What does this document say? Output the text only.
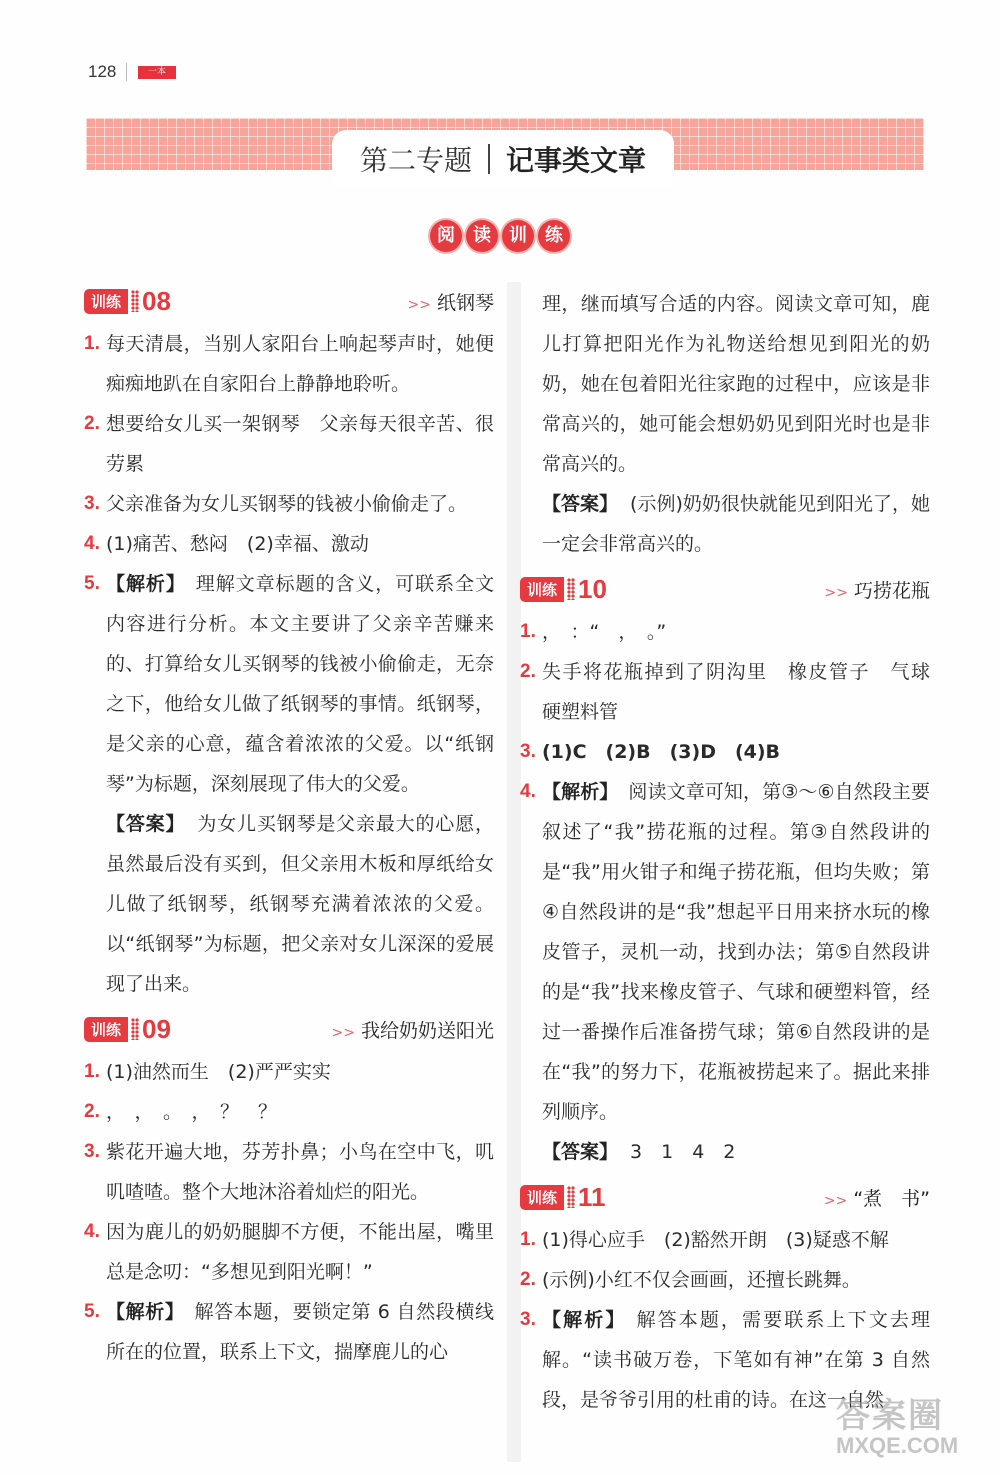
128	一本
第二专题 记事类文章
阅	读	训	练
训练 08	>> 纸钢琴
1. 每天清晨，当别人家阳台上响起琴声时，她便痴痴地趴在自家阳台上静静地聆听。
2. 想要给女儿买一架钢琴　父亲每天很辛苦、很劳累
3. 父亲准备为女儿买钢琴的钱被小偷偷走了。
4. (1)痛苦、愁闷　(2)幸福、激动
5. 【解析】 理解文章标题的含义，可联系全文内容进行分析。本文主要讲了父亲辛苦赚来的、打算给女儿买钢琴的钱被小偷偷走，无奈之下，他给女儿做了纸钢琴的事情。纸钢琴，是父亲的心意，蕴含着浓浓的父爱。以“纸钢琴”为标题，深刻展现了伟大的父爱。
【答案】 为女儿买钢琴是父亲最大的心愿，虽然最后没有买到，但父亲用木板和厚纸给女儿做了纸钢琴，纸钢琴充满着浓浓的父爱。以“纸钢琴”为标题，把父亲对女儿深深的爱展现了出来。
训练 09	>> 我给奶奶送阳光
1. (1)油然而生　(2)严严实实
2. ，　，　。　，　？　？
3. 紫花开遍大地，芬芳扑鼻；小鸟在空中飞，叽叽喳喳。整个大地沐浴着灿烂的阳光。
4. 因为鹿儿的奶奶腿脚不方便，不能出屋，嘴里总是念叨：“多想见到阳光啊！”
5. 【解析】 解答本题，要锁定第 6 自然段横线所在的位置，联系上下文，揣摩鹿儿的心
理，继而填写合适的内容。阅读文章可知，鹿儿打算把阳光作为礼物送给想见到阳光的奶奶，她在包着阳光往家跑的过程中，应该是非常高兴的，她可能会想奶奶见到阳光时也是非常高兴的。
【答案】 (示例)奶奶很快就能见到阳光了，她一定会非常高兴的。
训练 10	>> 巧捞花瓶
1. ，　：“　，　。”
2. 失手将花瓶掉到了阴沟里　橡皮管子　气球　硬塑料管
3. (1)C　(2)B　(3)D　(4)B
4. 【解析】 阅读文章可知，第③～⑥自然段主要叙述了“我”捞花瓶的过程。第③自然段讲的是“我”用火钳子和绳子捞花瓶，但均失败；第④自然段讲的是“我”想起平日用来挤水玩的橡皮管子，灵机一动，找到办法；第⑤自然段讲的是“我”找来橡皮管子、气球和硬塑料管，经过一番操作后准备捞气球；第⑥自然段讲的是在“我”的努力下，花瓶被捞起来了。据此来排列顺序。
【答案】 3　1　4　2
训练 11	>> “煮　书”
1. (1)得心应手　(2)豁然开朗　(3)疑惑不解
2. (示例)小红不仅会画画，还擅长跳舞。
3. 【解析】 解答本题，需要联系上下文去理解。“读书破万卷，下笔如有神”在第 3 自然段，是爷爷引用的杜甫的诗。在这一自然
答案圈
MXQE.COM
